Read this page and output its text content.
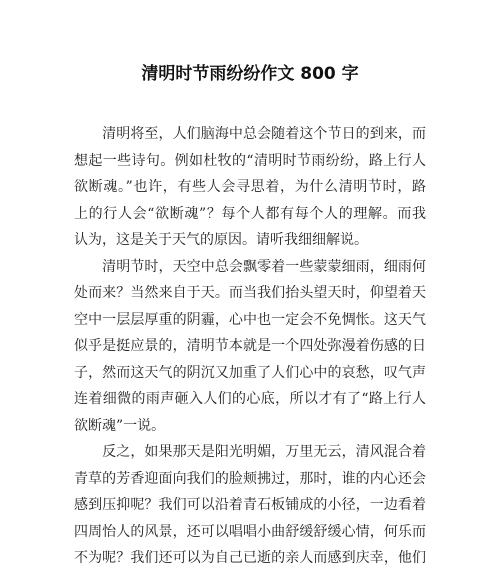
清明时节雨纷纷作文 800 字
　　清明将至，人们脑海中总会随着这个节日的到来，而
想起一些诗句。例如杜牧的“清明时节雨纷纷，路上行人
欲断魂。”也许，有些人会寻思着，为什么清明节时，路
上的行人会“欲断魂”？每个人都有每个人的理解。而我
认为，这是关于天气的原因。请听我细细解说。
　　清明节时，天空中总会飘零着一些蒙蒙细雨，细雨何
处而来？当然来自于天。而当我们抬头望天时，仰望着天
空中一层层厚重的阴霾，心中也一定会不免惆怅。这天气
似乎是挺应景的，清明节本就是一个四处弥漫着伤感的日
子，然而这天气的阴沉又加重了人们心中的哀愁，叹气声
连着细微的雨声砸入人们的心底，所以才有了“路上行人
欲断魂”一说。
　　反之，如果那天是阳光明媚，万里无云，清风混合着
青草的芳香迎面向我们的脸颊拂过，那时，谁的内心还会
感到压抑呢？我们可以沿着青石板铺成的小径，一边看着
四周怡人的风景，还可以唱唱小曲舒缓舒缓心情，何乐而
不为呢？我们还可以为自己已逝的亲人而感到庆幸，他们
